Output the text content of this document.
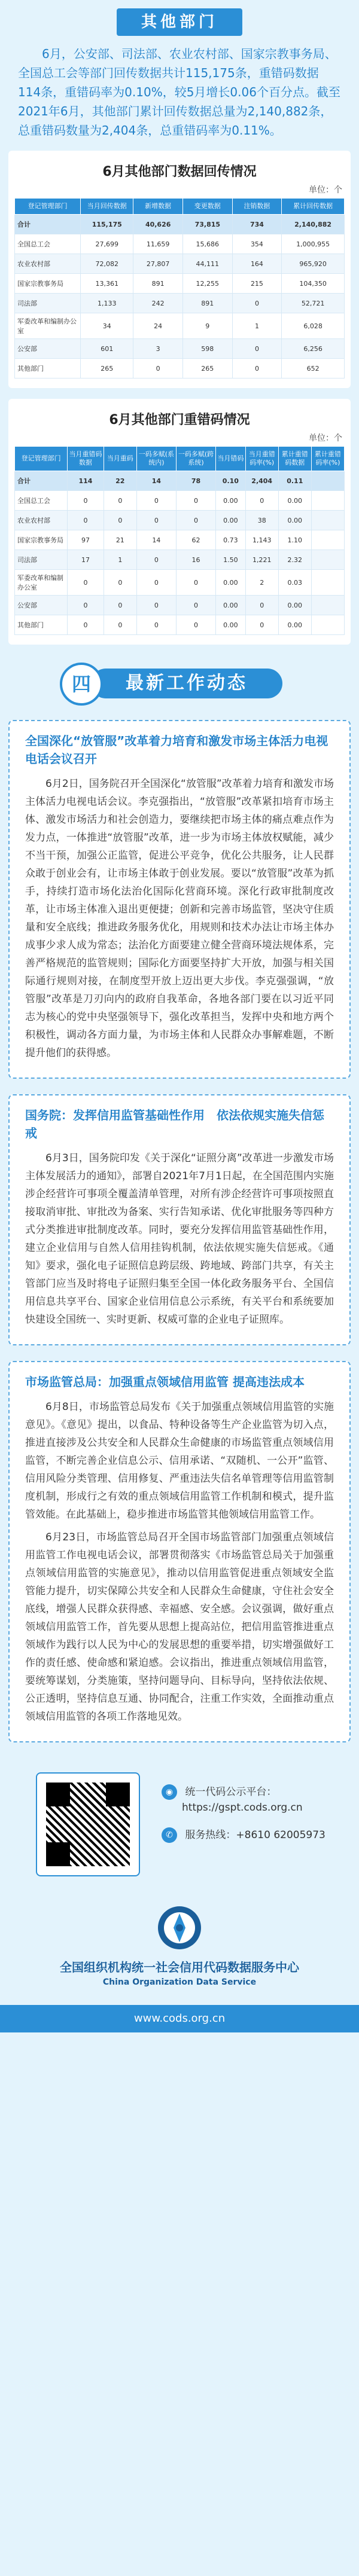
其他部门
6月，公安部、司法部、农业农村部、国家宗教事务局、全国总工会等部门回传数据共计115,175条，重错码数据114条，重错码率为0.10%，较5月增长0.06个百分点。截至2021年6月，其他部门累计回传数据总量为2,140,882条，总重错码数量为2,404条，总重错码率为0.11%。
6月其他部门数据回传情况
单位：个
登记管理部门	当月回传数据	新增数据	变更数据	注销数据	累计回传数据
合计	115,175	40,626	73,815	734	2,140,882
全国总工会	27,699	11,659	15,686	354	1,000,955
农业农村部	72,082	27,807	44,111	164	965,920
国家宗教事务局	13,361	891	12,255	215	104,350
司法部	1,133	242	891	0	52,721
军委改革和编制办公室	34	24	9	1	6,028
公安部	601	3	598	0	6,256
其他部门	265	0	265	0	652
6月其他部门重错码情况
单位：个
登记管理部门	当月重错码数据	当月重码	一码多赋(系统内)	一码多赋(跨系统)	当月错码	当月重错码率(%)	累计重错码数据	累计重错码率(%)
合计	114	22	14	78	0.10	2,404	0.11	
全国总工会	0	0	0	0	0.00	0	0.00	
农业农村部	0	0	0	0	0.00	38	0.00	
国家宗教事务局	97	21	14	62	0.73	1,143	1.10	
司法部	17	1	0	16	1.50	1,221	2.32	
军委改革和编制办公室	0	0	0	0	0.00	2	0.03	
公安部	0	0	0	0	0.00	0	0.00	
其他部门	0	0	0	0	0.00	0	0.00	
最新工作动态
四
全国深化“放管服”改革着力培育和激发市场主体活力电视电话会议召开

6月2日，国务院召开全国深化“放管服”改革着力培育和激发市场主体活力电视电话会议。李克强指出，“放管服”改革紧扣培育市场主体、激发市场活力和社会创造力，要继续把市场主体的痛点难点作为发力点，一体推进“放管服”改革，进一步为市场主体放权赋能，减少不当干预，加强公正监管，促进公平竞争，优化公共服务，让人民群众敢于创业会有，让市场主体敢于创业发展。要以“放管服”改革为抓手，持续打造市场化法治化国际化营商环境。深化行政审批制度改革，让市场主体准入退出更便捷；创新和完善市场监管，坚决守住质量和安全底线；推进政务服务优化，用规则和技术办法让市场主体办成事少求人成为常态；法治化方面要建立健全营商环境法规体系，完善严格规范的监管规则；国际化方面要坚持扩大开放，加强与相关国际通行规则对接，在制度型开放上迈出更大步伐。李克强强调，“放管服”改革是刀刃向内的政府自我革命，各地各部门要在以习近平同志为核心的党中央坚强领导下，强化改革担当，发挥中央和地方两个积极性，调动各方面力量，为市场主体和人民群众办事解难题，不断提升他们的获得感。

国务院：发挥信用监管基础性作用　依法依规实施失信惩戒

6月3日，国务院印发《关于深化“证照分离”改革进一步激发市场主体发展活力的通知》，部署自2021年7月1日起，在全国范围内实施涉企经营许可事项全覆盖清单管理，对所有涉企经营许可事项按照直接取消审批、审批改为备案、实行告知承诺、优化审批服务等四种方式分类推进审批制度改革。同时，要充分发挥信用监管基础性作用，建立企业信用与自然人信用挂钩机制，依法依规实施失信惩戒。《通知》要求，强化电子证照信息跨层级、跨地域、跨部门共享，有关主管部门应当及时将电子证照归集至全国一体化政务服务平台、全国信用信息共享平台、国家企业信用信息公示系统，有关平台和系统要加快建设全国统一、实时更新、权威可靠的企业电子证照库。

市场监管总局：加强重点领域信用监管 提高违法成本

6月8日，市场监管总局发布《关于加强重点领域信用监管的实施意见》。《意见》提出，以食品、特种设备等生产企业监管为切入点，推进直接涉及公共安全和人民群众生命健康的市场监管重点领域信用监管，不断完善企业信息公示、信用承诺、“双随机、一公开”监管、信用风险分类管理、信用修复、严重违法失信名单管理等信用监管制度机制，形成行之有效的重点领域信用监管工作机制和模式，提升监管效能。在此基础上，稳步推进市场监管其他领域信用监管工作。

6月23日，市场监管总局召开全国市场监管部门加强重点领域信用监管工作电视电话会议，部署贯彻落实《市场监管总局关于加强重点领域信用监管的实施意见》，推动以信用监管促进重点领域安全监管能力提升，切实保障公共安全和人民群众生命健康，守住社会安全底线，增强人民群众获得感、幸福感、安全感。会议强调，做好重点领域信用监管工作，首先要从思想上提高站位，把信用监管推进重点领域作为践行以人民为中心的发展思想的重要举措，切实增强做好工作的责任感、使命感和紧迫感。会议指出，推进重点领域信用监管，要统筹谋划，分类施策，坚持问题导向、目标导向，坚持依法依规、公正透明，坚持信息互通、协同配合，注重工作实效，全面推动重点领域信用监管的各项工作落地见效。

◉ 统一代码公示平台：
https://gspt.cods.org.cn
✆ 服务热线：+8610 62005973
全国组织机构统一社会信用代码数据服务中心
China Organization Data Service
www.cods.org.cn
